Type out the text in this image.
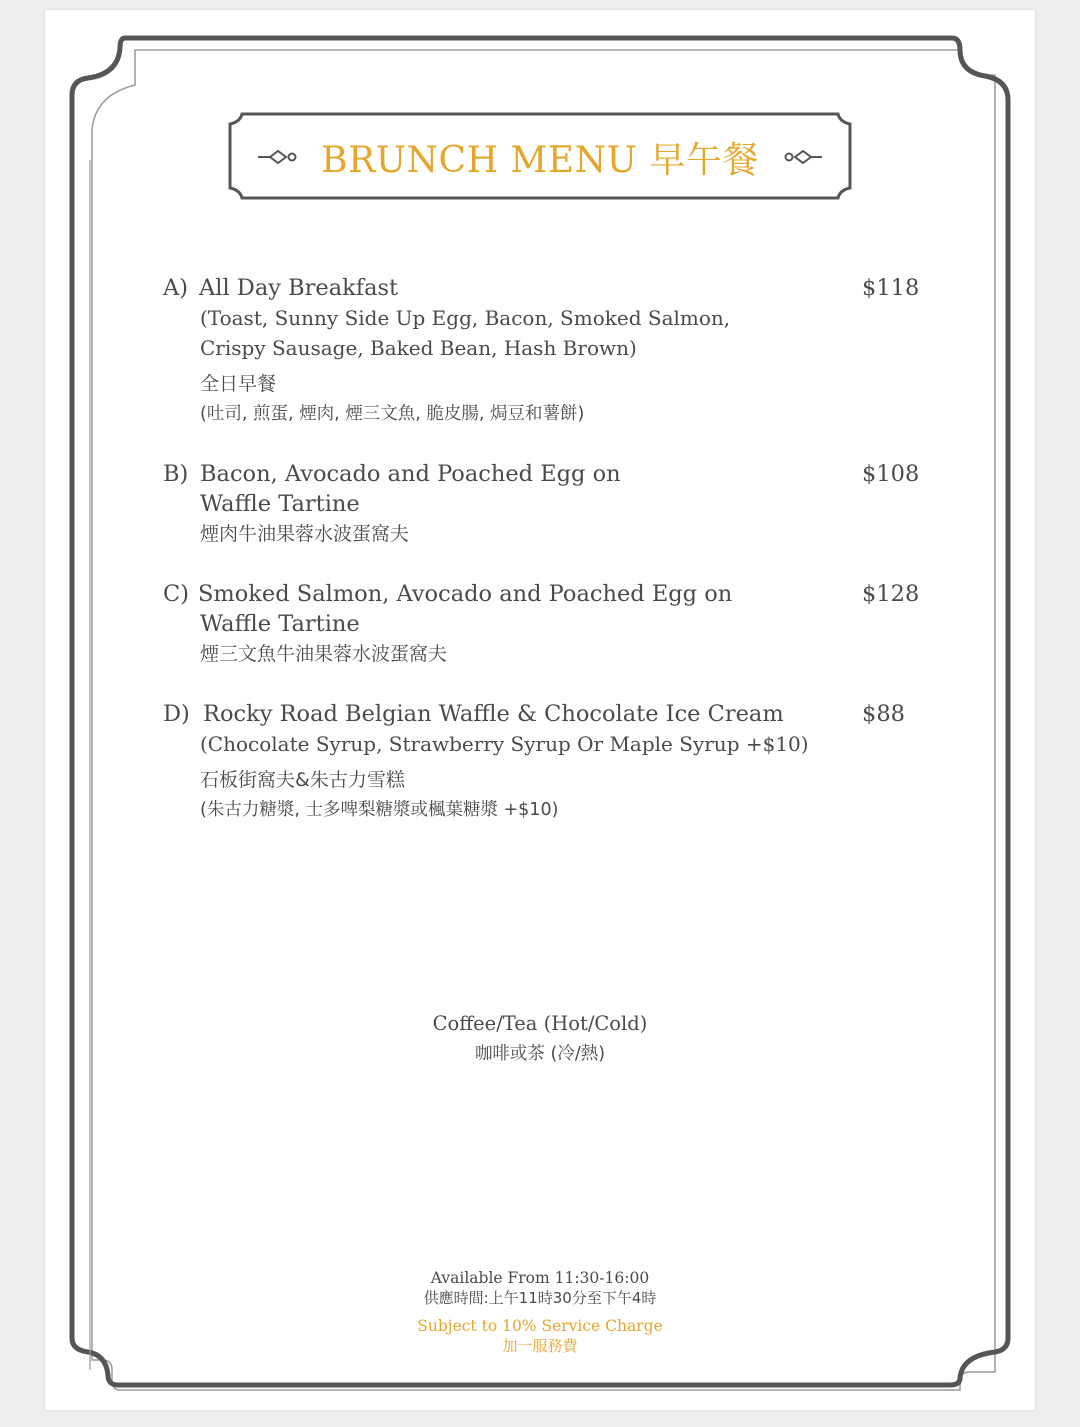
BRUNCH MENU 早午餐
A) All Day Breakfast
(Toast, Sunny Side Up Egg, Bacon, Smoked Salmon,
Crispy Sausage, Baked Bean, Hash Brown)
全日早餐
(吐司, 煎蛋, 煙肉, 煙三文魚, 脆皮腸, 焗豆和薯餅)
$118
B) Bacon, Avocado and Poached Egg on
Waffle Tartine
煙肉牛油果蓉水波蛋窩夫
$108
C) Smoked Salmon, Avocado and Poached Egg on
Waffle Tartine
煙三文魚牛油果蓉水波蛋窩夫
$128
D) Rocky Road Belgian Waffle & Chocolate Ice Cream
(Chocolate Syrup, Strawberry Syrup Or Maple Syrup +$10)
石板街窩夫&朱古力雪糕
(朱古力糖漿, 士多啤梨糖漿或楓葉糖漿 +$10)
$88
Coffee/Tea (Hot/Cold)
咖啡或茶 (冷/熱)
Available From 11:30-16:00
供應時間:上午11時30分至下午4時
Subject to 10% Service Charge
加一服務費
